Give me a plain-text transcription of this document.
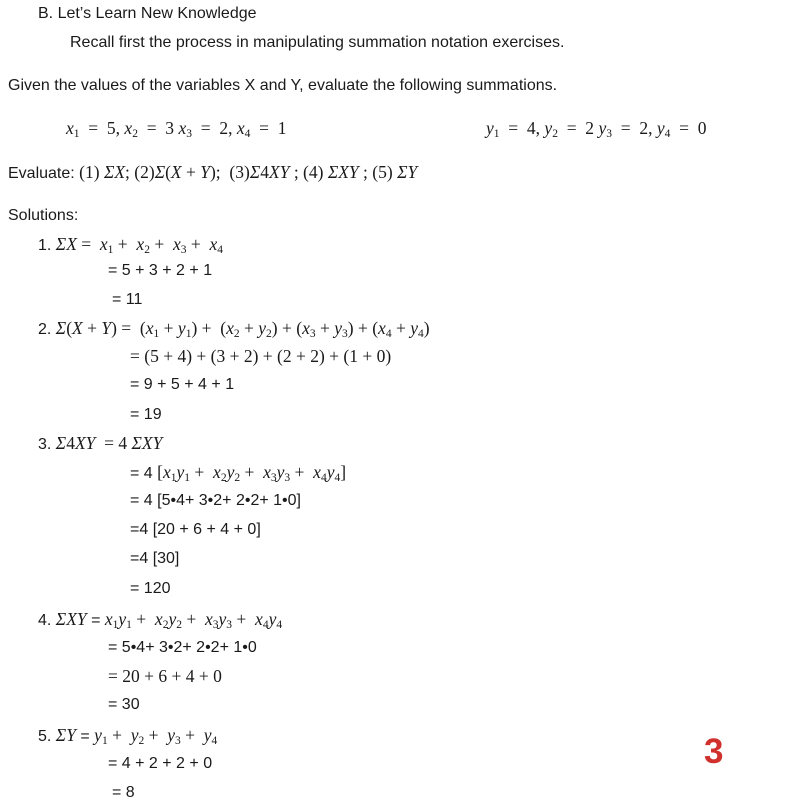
B. Let’s Learn New Knowledge
Recall first the process in manipulating summation notation exercises.
Given the values of the variables X and Y, evaluate the following summations.
$x_1 = 5$, $x_2 = 3$ $x_3 = 2$, $x_4 = 1$	$y_1 = 4$, $y_2 = 2$ $y_3 = 2$, $y_4 = 0$
Evaluate: (1) ΣX; (2)Σ(X + Y);  (3)Σ4XY ; (4) ΣXY ; (5) ΣY
Solutions:
1. $\Sigma X = x_1 + x_2 + x_3 + x_4$
= 5 + 3 + 2 + 1
= 11
2. $\Sigma(X + Y) = (x_1 + y_1) + (x_2 + y_2) + (x_3 + y_3) + (x_4 + y_4)$
= (5 + 4) + (3 + 2) + (2 + 2) + (1 + 0)
= 9 + 5 + 4 + 1
= 19
3. Σ4XY  = 4 ΣXY
= 4 $[x_1y_1 + x_2y_2 + x_3y_3 + x_4y_4]$
= 4 [5•4+ 3•2+ 2•2+ 1•0]
=4 [20 + 6 + 4 + 0]
=4 [30]
= 120
4. $\Sigma XY = x_1y_1 + x_2y_2 + x_3y_3 + x_4y_4$
= 5•4+ 3•2+ 2•2+ 1•0
= 20 + 6 + 4 + 0
= 30
5. $\Sigma Y = y_1 + y_2 + y_3 + y_4$
= 4 + 2 + 2 + 0
= 8
3
